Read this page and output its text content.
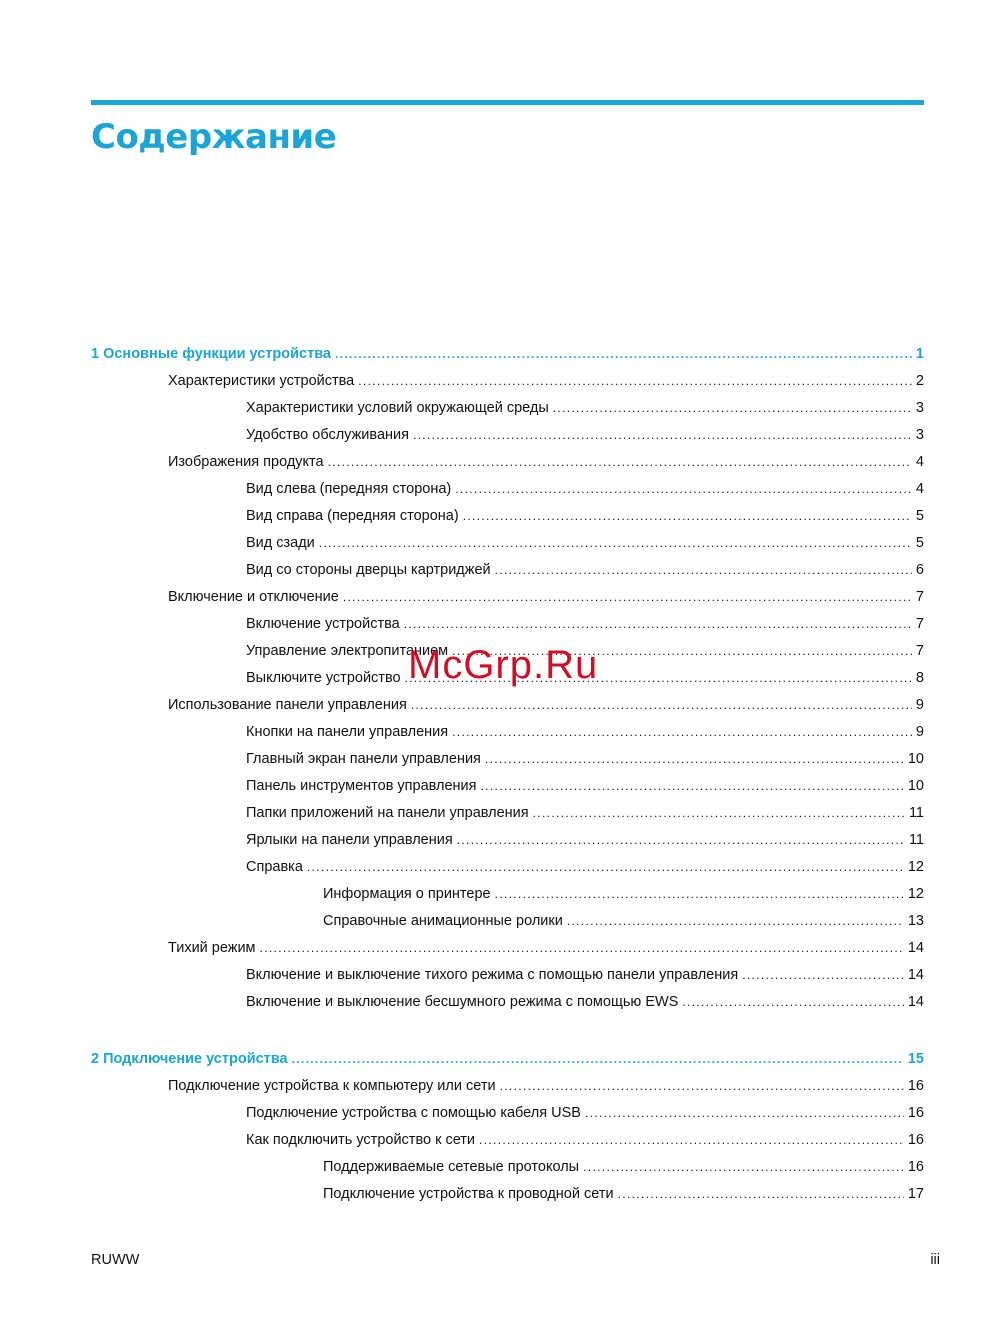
Содержание
1 Основные функции устройства . . .	1
Характеристики устройства . . .	2
Характеристики условий окружающей среды . . .	3
Удобство обслуживания . . .	3
Изображения продукта . . .	4
Вид слева (передняя сторона) . . .	4
Вид справа (передняя сторона) . . .	5
Вид сзади . . .	5
Вид со стороны дверцы картриджей . . .	6
Включение и отключение . . .	7
Включение устройства . . .	7
Управление электропитанием . . .	7
Выключите устройство . . .	8
Использование панели управления . . .	9
Кнопки на панели управления . . .	9
Главный экран панели управления . . .	10
Панель инструментов управления . . .	10
Папки приложений на панели управления . . .	11
Ярлыки на панели управления . . .	11
Справка . . .	12
Информация о принтере . . .	12
Справочные анимационные ролики . . .	13
Тихий режим . . .	14
Включение и выключение тихого режима с помощью панели управления . . .	14
Включение и выключение бесшумного режима с помощью EWS . . .	14
2 Подключение устройства . . .	15
Подключение устройства к компьютеру или сети . . .	16
Подключение устройства с помощью кабеля USB . . .	16
Как подключить устройство к сети . . .	16
Поддерживаемые сетевые протоколы . . .	16
Подключение устройства к проводной сети . . .	17
McGrp.Ru
RUWW	iii
